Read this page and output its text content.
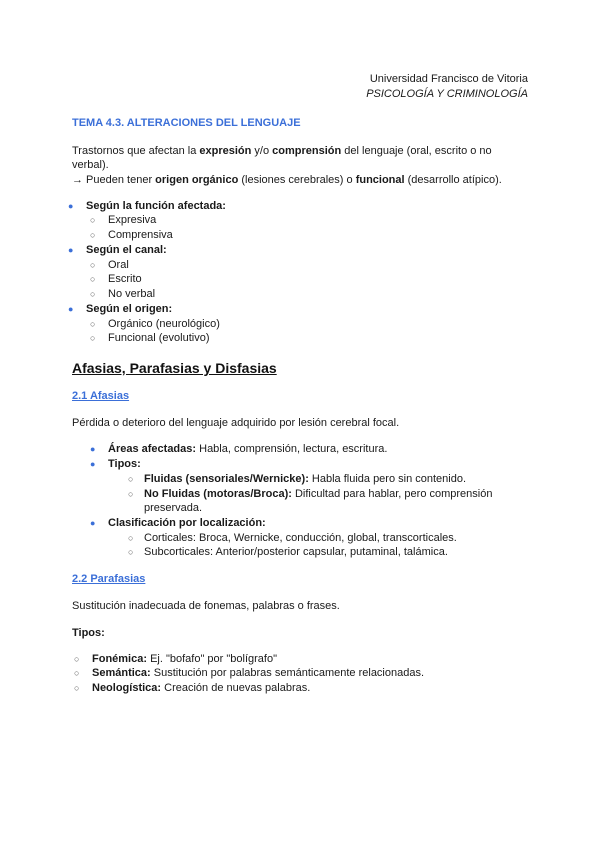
Universidad Francisco de Vitoria
PSICOLOGÍA Y CRIMINOLOGÍA
TEMA 4.3. ALTERACIONES DEL LENGUAJE
Trastornos que afectan la expresión y/o comprensión del lenguaje (oral, escrito o no
verbal).
→ Pueden tener origen orgánico (lesiones cerebrales) o funcional (desarrollo atípico).
● Según la función afectada:
○ Expresiva
○ Comprensiva
● Según el canal:
○ Oral
○ Escrito
○ No verbal
● Según el origen:
○ Orgánico (neurológico)
○ Funcional (evolutivo)
Afasias, Parafasias y Disfasias
2.1 Afasias
Pérdida o deterioro del lenguaje adquirido por lesión cerebral focal.
● Áreas afectadas: Habla, comprensión, lectura, escritura.
● Tipos:
○ Fluidas (sensoriales/Wernicke): Habla fluida pero sin contenido.
○ No Fluidas (motoras/Broca): Dificultad para hablar, pero comprensión
preservada.
● Clasificación por localización:
○ Corticales: Broca, Wernicke, conducción, global, transcorticales.
○ Subcorticales: Anterior/posterior capsular, putaminal, talámica.
2.2 Parafasias
Sustitución inadecuada de fonemas, palabras o frases.
Tipos:
○ Fonémica: Ej. "bofafo" por "bolígrafo"
○ Semántica: Sustitución por palabras semánticamente relacionadas.
○ Neologística: Creación de nuevas palabras.
